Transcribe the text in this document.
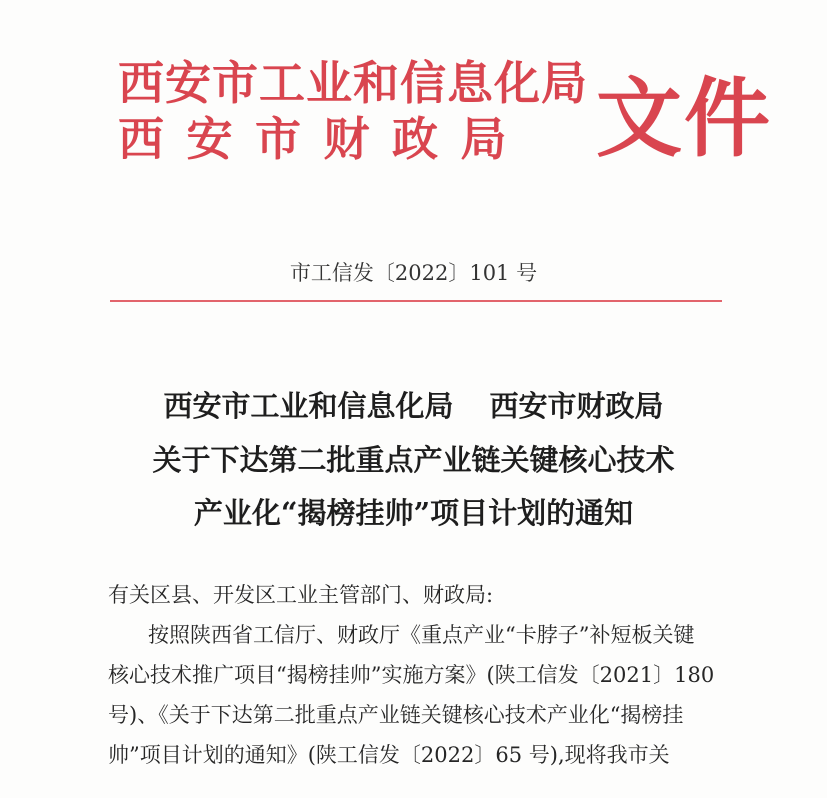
西安市工业和信息化局
西安市财政局 文件
市工信发〔2022〕101 号
西安市工业和信息化局 西安市财政局
关于下达第二批重点产业链关键核心技术
产业化“揭榜挂帅”项目计划的通知
有关区县、开发区工业主管部门、财政局:
按照陕西省工信厅、财政厅《重点产业“卡脖子”补短板关键
核心技术推广项目“揭榜挂帅”实施方案》(陕工信发〔2021〕180
号)、《关于下达第二批重点产业链关键核心技术产业化“揭榜挂
帅”项目计划的通知》(陕工信发〔2022〕65 号),现将我市关
